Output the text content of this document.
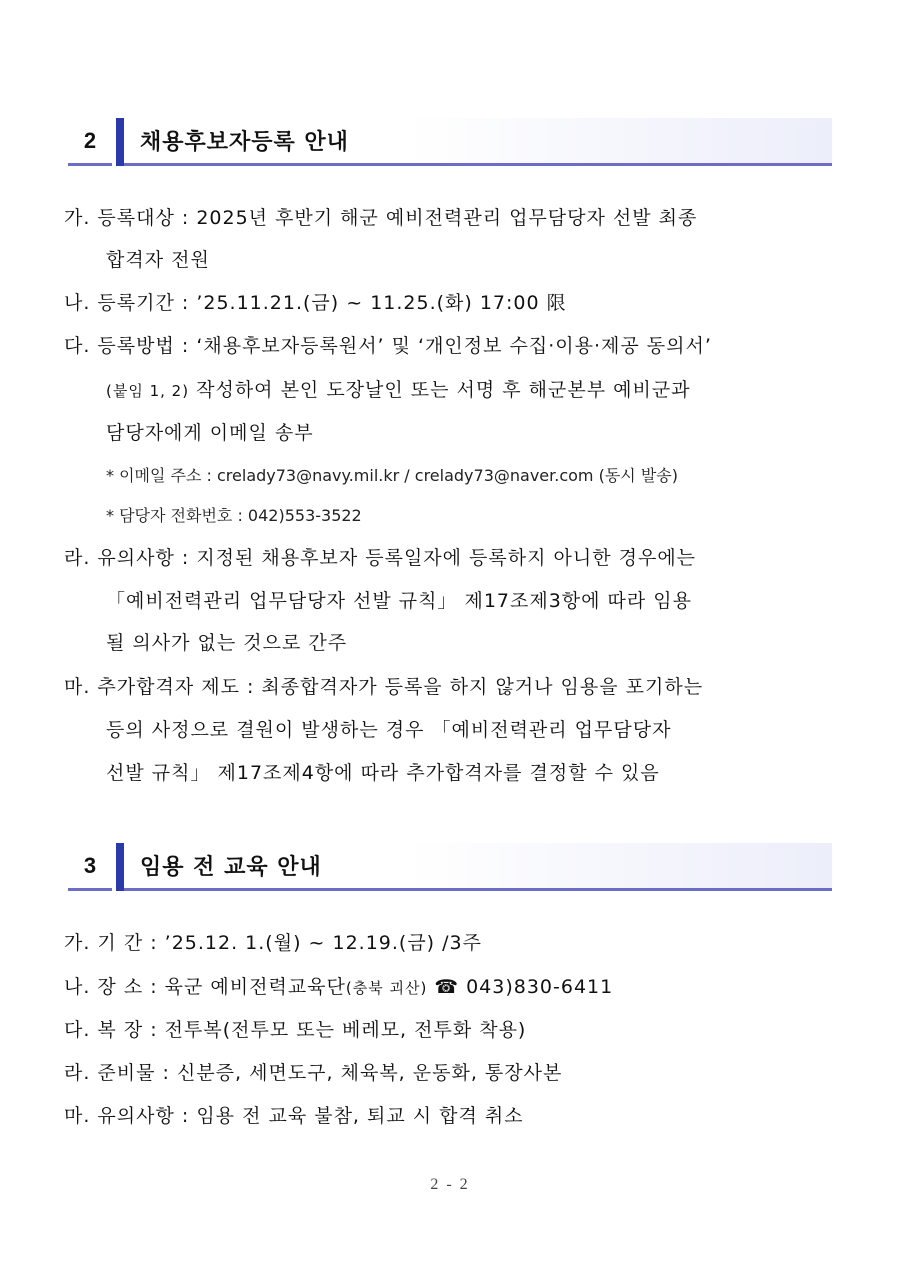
2	채용후보자등록 안내
가. 등록대상 : 2025년 후반기 해군 예비전력관리 업무담당자 선발 최종
합격자 전원
나. 등록기간 : ’25.11.21.(금) ~ 11.25.(화) 17:00 限
다. 등록방법 : ‘채용후보자등록원서’ 및 ‘개인정보 수집·이용·제공 동의서’
(붙임 1, 2) 작성하여 본인 도장날인 또는 서명 후 해군본부 예비군과
담당자에게 이메일 송부
* 이메일 주소 : crelady73@navy.mil.kr / crelady73@naver.com (동시 발송)
* 담당자 전화번호 : 042)553-3522
라. 유의사항 : 지정된 채용후보자 등록일자에 등록하지 아니한 경우에는
「예비전력관리 업무담당자 선발 규칙」 제17조제3항에 따라 임용
될 의사가 없는 것으로 간주
마. 추가합격자 제도 : 최종합격자가 등록을 하지 않거나 임용을 포기하는
등의 사정으로 결원이 발생하는 경우 「예비전력관리 업무담당자
선발 규칙」 제17조제4항에 따라 추가합격자를 결정할 수 있음
3	임용 전 교육 안내
가. 기 간 : ’25.12. 1.(월) ~ 12.19.(금) /3주
나. 장 소 : 육군 예비전력교육단(충북 괴산) ☎ 043)830-6411
다. 복 장 : 전투복(전투모 또는 베레모, 전투화 착용)
라. 준비물 : 신분증, 세면도구, 체육복, 운동화, 통장사본
마. 유의사항 : 임용 전 교육 불참, 퇴교 시 합격 취소
2 - 2
